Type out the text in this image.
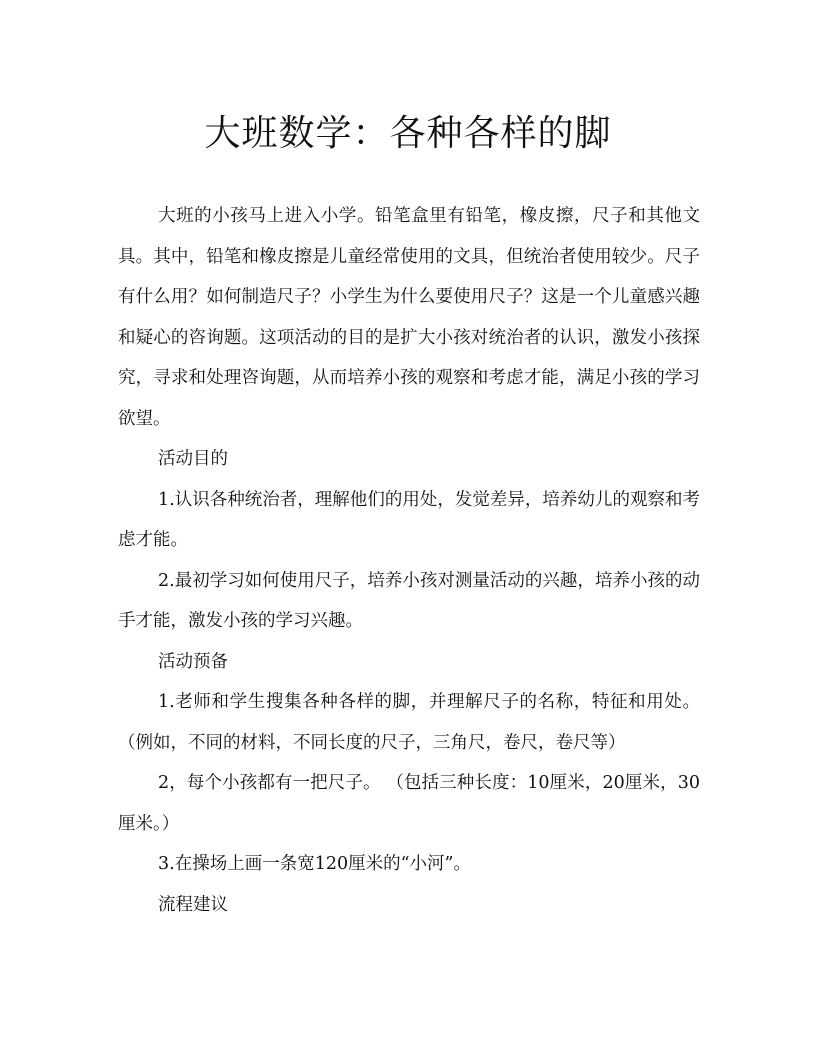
大班数学：各种各样的脚

大班的小孩马上进入小学。铅笔盒里有铅笔，橡皮擦，尺子和其他文具。其中，铅笔和橡皮擦是儿童经常使用的文具，但统治者使用较少。尺子有什么用？如何制造尺子？小学生为什么要使用尺子？这是一个儿童感兴趣和疑心的咨询题。这项活动的目的是扩大小孩对统治者的认识，激发小孩探究，寻求和处理咨询题，从而培养小孩的观察和考虑才能，满足小孩的学习欲望。

活动目的

1.认识各种统治者，理解他们的用处，发觉差异，培养幼儿的观察和考虑才能。

2.最初学习如何使用尺子，培养小孩对测量活动的兴趣，培养小孩的动手才能，激发小孩的学习兴趣。

活动预备

1.老师和学生搜集各种各样的脚，并理解尺子的名称，特征和用处。（例如，不同的材料，不同长度的尺子，三角尺，卷尺，卷尺等）

2，每个小孩都有一把尺子。 （包括三种长度：10厘米，20厘米，30厘米。）

3.在操场上画一条宽120厘米的“小河”。

流程建议
